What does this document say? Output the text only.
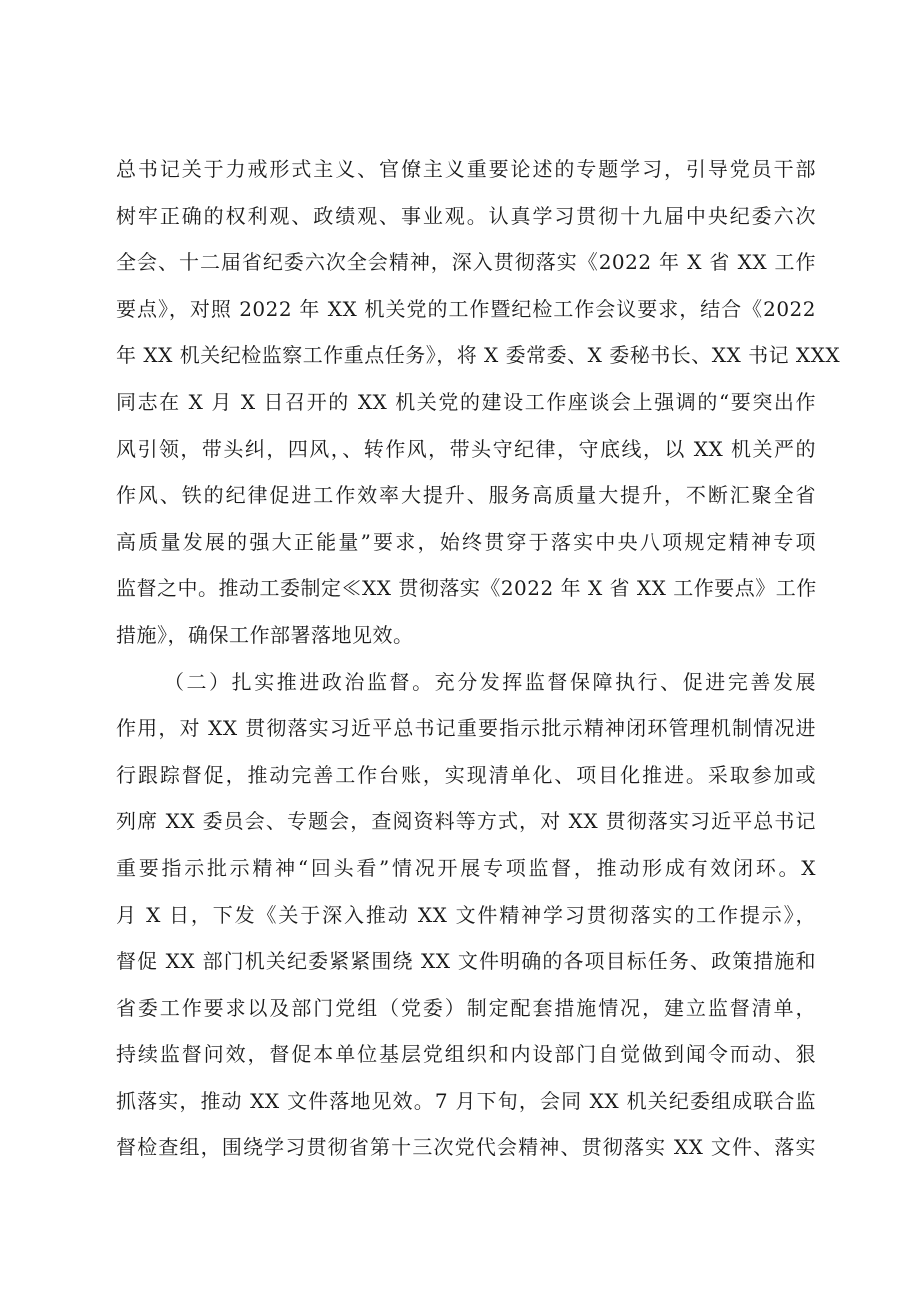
总书记关于力戒形式主义、官僚主义重要论述的专题学习，引导党员干部
树牢正确的权利观、政绩观、事业观。认真学习贯彻十九届中央纪委六次
全会、十二届省纪委六次全会精神，深入贯彻落实《2022 年 X 省 XX 工作
要点》，对照 2022 年 XX 机关党的工作暨纪检工作会议要求，结合《2022
年 XX 机关纪检监察工作重点任务》，将 X 委常委、X 委秘书长、XX 书记 XXX
同志在 X 月 X 日召开的 XX 机关党的建设工作座谈会上强调的“要突出作
风引领，带头纠，四风，、转作风，带头守纪律，守底线，以 XX 机关严的
作风、铁的纪律促进工作效率大提升、服务高质量大提升，不断汇聚全省
高质量发展的强大正能量”要求，始终贯穿于落实中央八项规定精神专项
监督之中。推动工委制定≪XX 贯彻落实《2022 年 X 省 XX 工作要点》工作
措施》，确保工作部署落地见效。
（二）扎实推进政治监督。充分发挥监督保障执行、促进完善发展
作用，对 XX 贯彻落实习近平总书记重要指示批示精神闭环管理机制情况进
行跟踪督促，推动完善工作台账，实现清单化、项目化推进。采取参加或
列席 XX 委员会、专题会，查阅资料等方式，对 XX 贯彻落实习近平总书记
重要指示批示精神“回头看”情况开展专项监督，推动形成有效闭环。X
月 X 日，下发《关于深入推动 XX 文件精神学习贯彻落实的工作提示》，
督促 XX 部门机关纪委紧紧围绕 XX 文件明确的各项目标任务、政策措施和
省委工作要求以及部门党组（党委）制定配套措施情况，建立监督清单，
持续监督问效，督促本单位基层党组织和内设部门自觉做到闻令而动、狠
抓落实，推动 XX 文件落地见效。7 月下旬，会同 XX 机关纪委组成联合监
督检查组，围绕学习贯彻省第十三次党代会精神、贯彻落实 XX 文件、落实
